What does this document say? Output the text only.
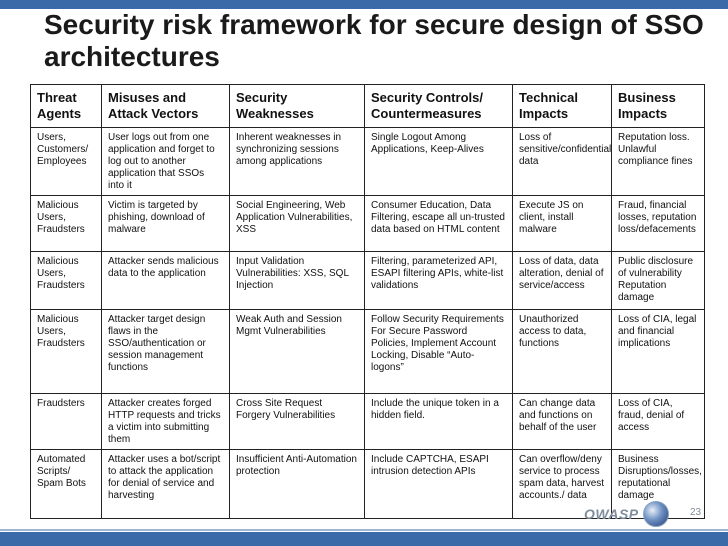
Security risk framework for secure design of SSO architectures
Threat Agents	Misuses and Attack Vectors	Security Weaknesses	Security Controls/ Countermeasures	Technical Impacts	Business Impacts
Users, Customers/ Employees	User logs out from one application and forget to log out to another application that SSOs into it	Inherent weaknesses in synchronizing sessions among applications	Single Logout Among Applications, Keep-Alives	Loss of sensitive/confidential data	Reputation loss. Unlawful compliance fines
Malicious Users, Fraudsters	Victim is targeted by phishing, download of malware	Social Engineering, Web Application Vulnerabilities, XSS	Consumer Education, Data Filtering, escape all un-trusted data based on HTML content	Execute JS on client, install malware	Fraud, financial losses, reputation loss/defacements
Malicious Users, Fraudsters	Attacker sends malicious data to the application	Input Validation Vulnerabilities: XSS, SQL Injection	Filtering, parameterized API, ESAPI filtering APIs, white-list validations	Loss of data, data alteration, denial of service/access	Public disclosure of vulnerability Reputation damage
Malicious Users, Fraudsters	Attacker target design flaws in the SSO/authentication or session management functions	Weak Auth and Session Mgmt Vulnerabilities	Follow Security Requirements For Secure Password Policies, Implement Account Locking, Disable “Auto-logons”	Unauthorized access to data, functions	Loss of CIA, legal and financial implications
Fraudsters	Attacker creates forged HTTP requests and tricks a victim into submitting them	Cross Site Request Forgery Vulnerabilities	Include the unique token in a hidden field.	Can change data and functions on behalf of the user	Loss of CIA, fraud, denial of access
Automated Scripts/ Spam Bots	Attacker uses a bot/script to attack the application for denial of service and harvesting	Insufficient Anti-Automation protection	Include CAPTCHA, ESAPI intrusion detection APIs	Can overflow/deny service to process spam data, harvest accounts./ data	Business Disruptions/losses, reputational damage
OWASP	23
